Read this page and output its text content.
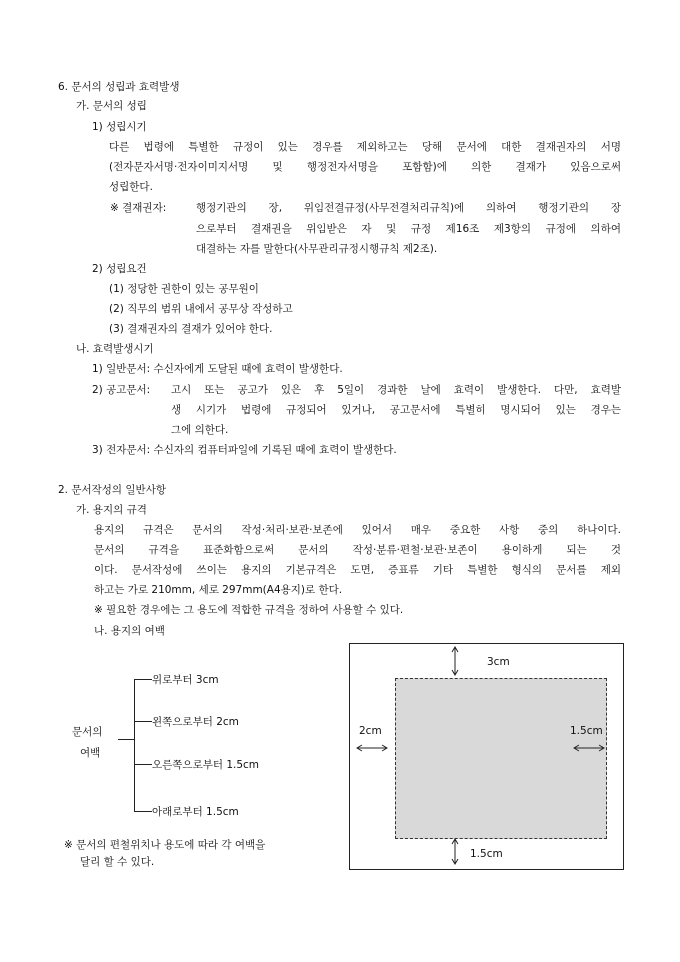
6. 문서의 성립과 효력발생
가. 문서의 성립
1) 성립시기
다른 법령에 특별한 규정이 있는 경우를 제외하고는 당해 문서에 대한 결재권자의 서명
(전자문자서명·전자이미지서명 및 행정전자서명을 포함함)에 의한 결재가 있음으로써
성립한다.
※ 결재권자:	행정기관의 장, 위임전결규정(사무전결처리규칙)에 의하여 행정기관의 장
으로부터 결재권을 위임받은 자 및 규정 제16조 제3항의 규정에 의하여
대결하는 자를 말한다(사무관리규정시행규칙 제2조).
2) 성립요건
(1) 정당한 권한이 있는 공무원이
(2) 직무의 범위 내에서 공무상 작성하고
(3) 결재권자의 결재가 있어야 한다.
나. 효력발생시기
1) 일반문서: 수신자에게 도달된 때에 효력이 발생한다.
2) 공고문서: 고시 또는 공고가 있은 후 5일이 경과한 날에 효력이 발생한다. 다만, 효력발
생 시기가 법령에 규정되어 있거나, 공고문서에 특별히 명시되어 있는 경우는
그에 의한다.
3) 전자문서: 수신자의 컴퓨터파일에 기록된 때에 효력이 발생한다.
2. 문서작성의 일반사항
가. 용지의 규격
용지의 규격은 문서의 작성·처리·보관·보존에 있어서 매우 중요한 사항 중의 하나이다.
문서의 규격을 표준화함으로써 문서의 작성·분류·편철·보관·보존이 용이하게 되는 것
이다. 문서작성에 쓰이는 용지의 기본규격은 도면, 증표류 기타 특별한 형식의 문서를 제외
하고는 가로 210mm, 세로 297mm(A4용지)로 한다.
※ 필요한 경우에는 그 용도에 적합한 규격을 정하여 사용할 수 있다.
나. 용지의 여백
문서의
여백
위로부터 3cm
왼쪽으로부터 2cm
오른쪽으로부터 1.5cm
아래로부터 1.5cm
※ 문서의 편철위치나 용도에 따라 각 여백을
달리 할 수 있다.
3cm
2cm	1.5cm
1.5cm
